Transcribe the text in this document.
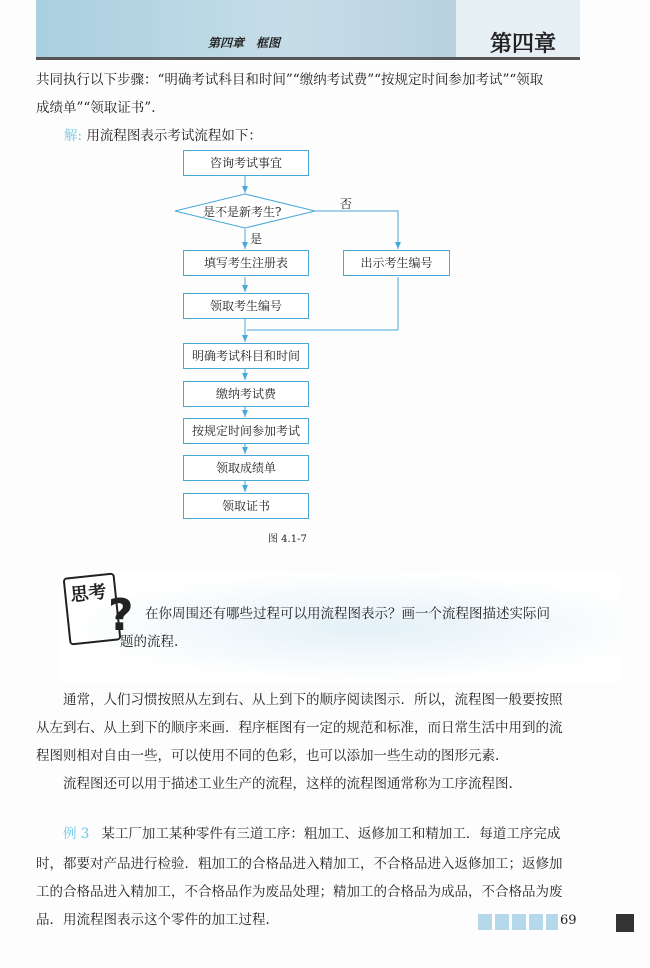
第四章　框图	第四章
共同执行以下步骤：“明确考试科目和时间”“缴纳考试费”“按规定时间参加考试”“领取
成绩单”“领取证书”.
解: 用流程图表示考试流程如下：
咨询考试事宜
是不是新考生?
是
否
填写考生注册表	出示考生编号
领取考生编号
明确考试科目和时间
缴纳考试费
按规定时间参加考试
领取成绩单
领取证书
图 4.1-7
思考 ? 在你周围还有哪些过程可以用流程图表示？画一个流程图描述实际问
题的流程.
通常，人们习惯按照从左到右、从上到下的顺序阅读图示．所以，流程图一般要按照
从左到右、从上到下的顺序来画．程序框图有一定的规范和标准，而日常生活中用到的流
程图则相对自由一些，可以使用不同的色彩，也可以添加一些生动的图形元素.
流程图还可以用于描述工业生产的流程，这样的流程图通常称为工序流程图.
例 3 某工厂加工某种零件有三道工序：粗加工、返修加工和精加工．每道工序完成
时，都要对产品进行检验．粗加工的合格品进入精加工，不合格品进入返修加工；返修加
工的合格品进入精加工，不合格品作为废品处理；精加工的合格品为成品，不合格品为废
品．用流程图表示这个零件的加工过程.	69
